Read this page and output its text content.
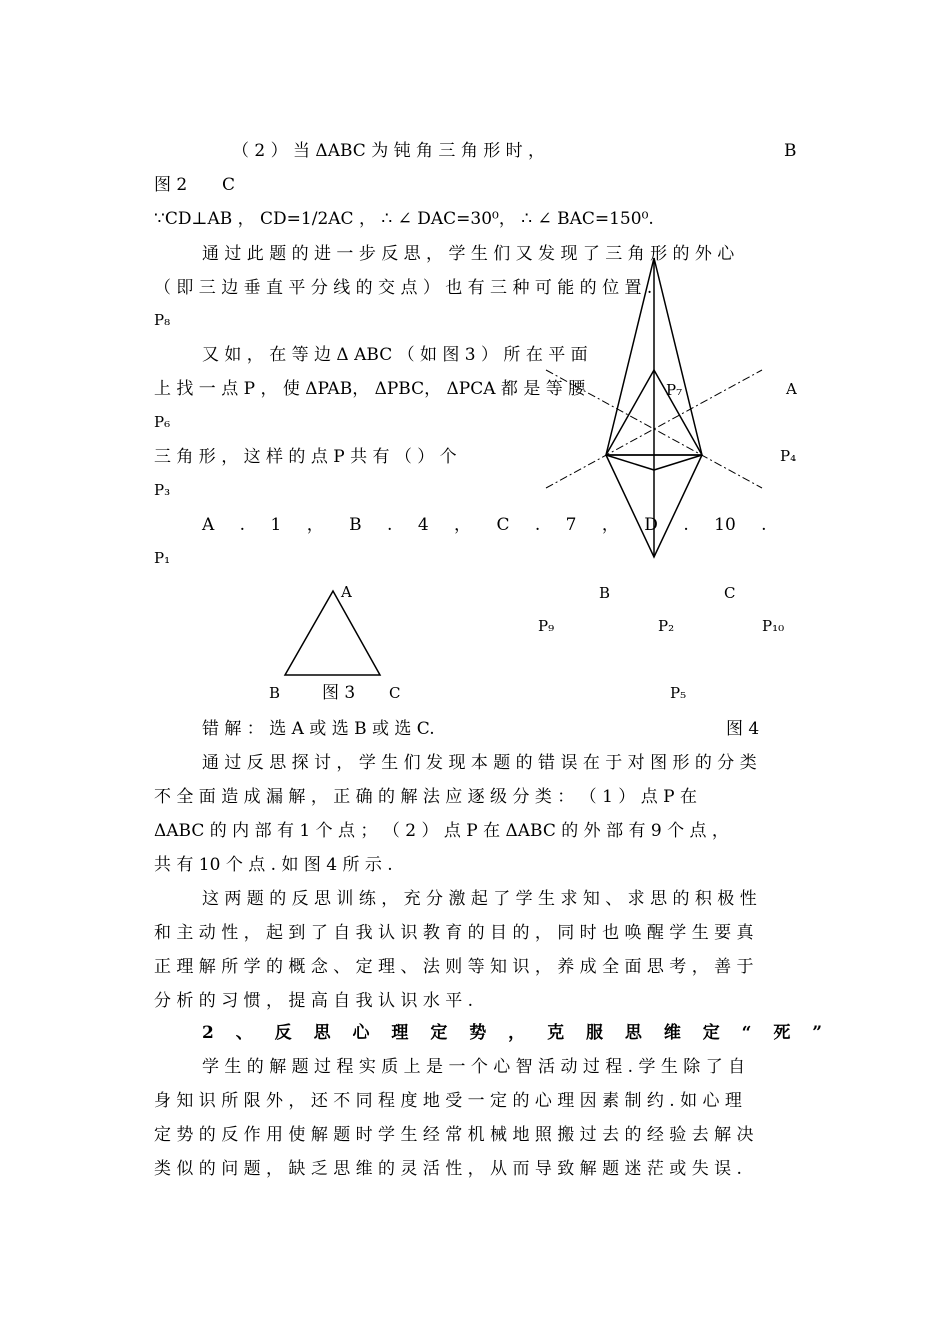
（ 2 ） 当 ΔABC 为 钝 角 三 角 形 时 ，	B
图 2 C
∵CD⊥AB ， CD=1/2AC ， ∴ ∠ DAC=30⁰， ∴ ∠ BAC=150⁰.
通 过 此 题 的 进 一 步 反 思 ， 学 生 们 又 发 现 了 三 角 形 的 外 心
（ 即 三 边 垂 直 平 分 线 的 交 点 ） 也 有 三 种 可 能 的 位 置 .
又 如 ， 在 等 边 Δ ABC （ 如 图 3 ） 所 在 平 面
上 找 一 点 P ， 使 ΔPAB， ΔPBC， ΔPCA 都 是 等 腰
三 角 形 ， 这 样 的 点 P 共 有 （ ） 个
A . 1 ， B . 4 ， C . 7 ， D . 10 .
错 解 ： 选 A 或 选 B 或 选 C.	图 4
通 过 反 思 探 讨 ， 学 生 们 发 现 本 题 的 错 误 在 于 对 图 形 的 分 类
不 全 面 造 成 漏 解 ， 正 确 的 解 法 应 逐 级 分 类 ： （ 1 ） 点 P 在
ΔABC 的 内 部 有 1 个 点 ； （ 2 ） 点 P 在 ΔABC 的 外 部 有 9 个 点 ，
共 有 10 个 点 . 如 图 4 所 示 .
这 两 题 的 反 思 训 练 ， 充 分 激 起 了 学 生 求 知 、 求 思 的 积 极 性
和 主 动 性 ， 起 到 了 自 我 认 识 教 育 的 目 的 ， 同 时 也 唤 醒 学 生 要 真
正 理 解 所 学 的 概 念 、 定 理 、 法 则 等 知 识 ， 养 成 全 面 思 考 ， 善 于
分 析 的 习 惯 ， 提 高 自 我 认 识 水 平 .
2 、 反 思 心 理 定 势 ， 克 服 思 维 定 “ 死 ”
学 生 的 解 题 过 程 实 质 上 是 一 个 心 智 活 动 过 程 . 学 生 除 了 自
身 知 识 所 限 外 ， 还 不 同 程 度 地 受 一 定 的 心 理 因 素 制 约 . 如 心 理
定 势 的 反 作 用 使 解 题 时 学 生 经 常 机 械 地 照 搬 过 去 的 经 验 去 解 决
类 似 的 问 题 ， 缺 乏 思 维 的 灵 活 性 ， 从 而 导 致 解 题 迷 茫 或 失 误 .
A
B	C
图 3
P₈
P₇	A
P₆
P₄
P₃
P₁
B	C
P₉	P₂	P₁₀
P₅
